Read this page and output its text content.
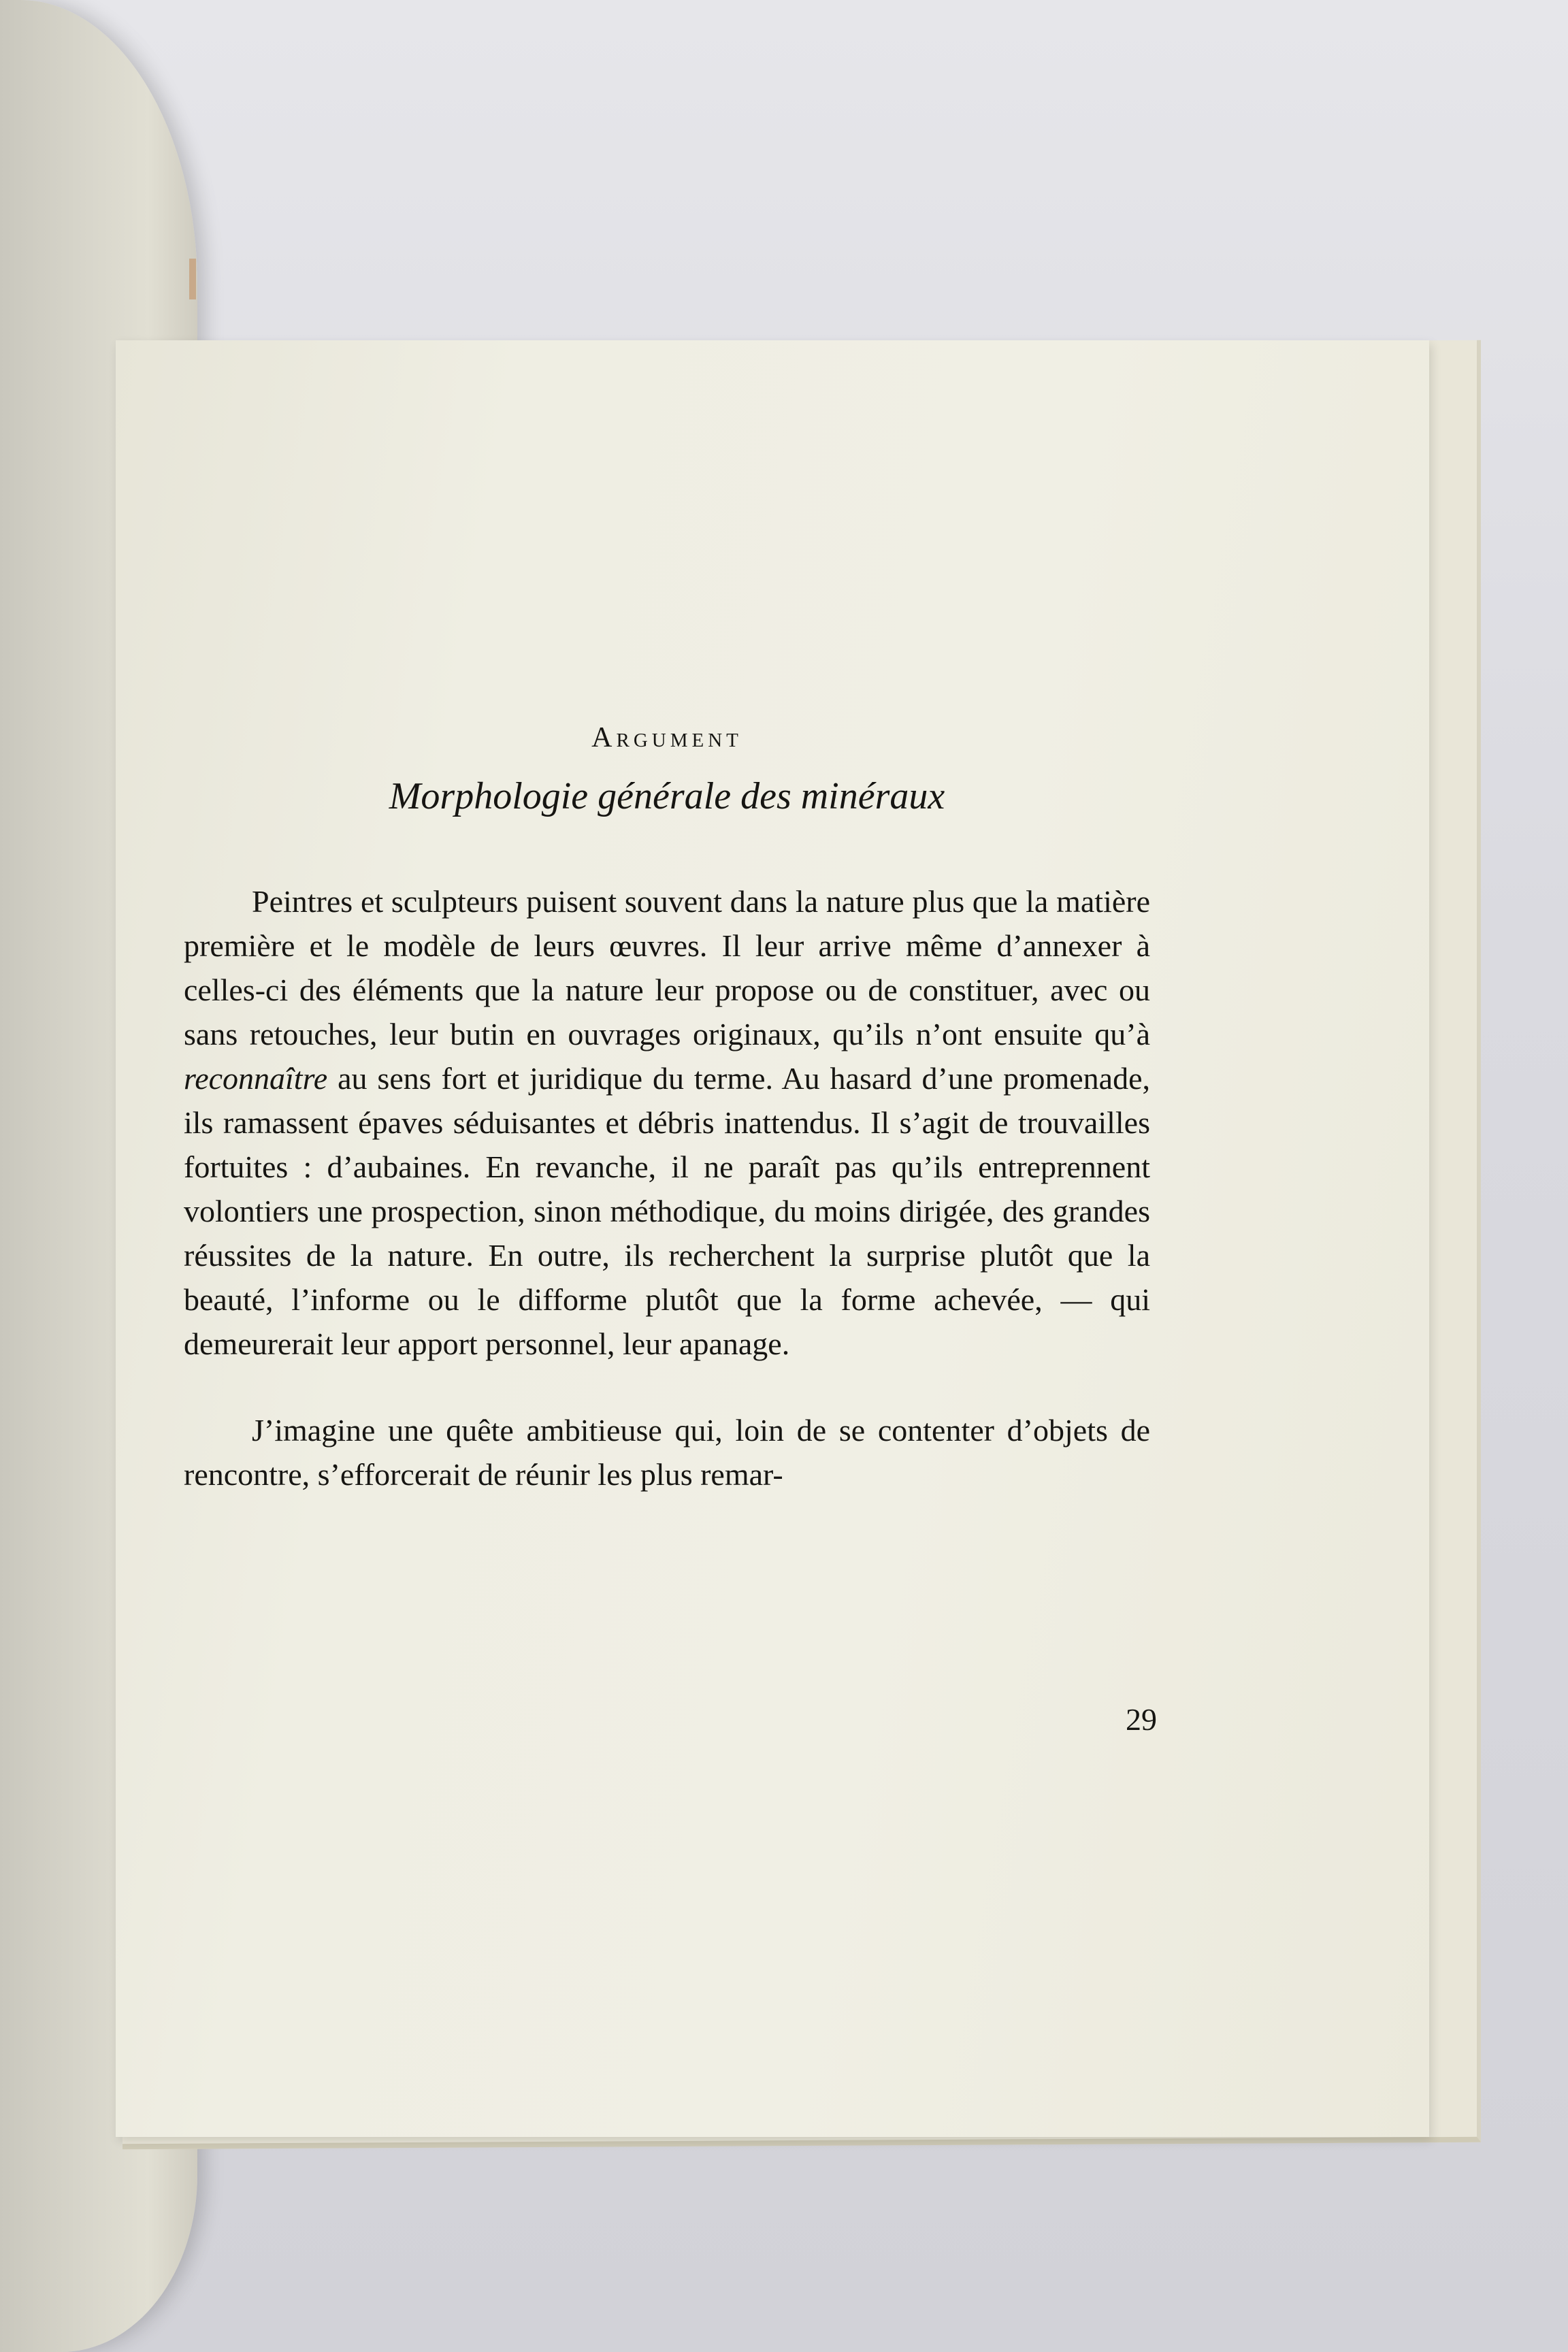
Argument
Morphologie générale des minéraux

Peintres et sculpteurs puisent souvent dans la nature plus que la matière première et le modèle de leurs œuvres. Il leur arrive même d’annexer à celles-ci des éléments que la nature leur propose ou de constituer, avec ou sans retouches, leur butin en ouvrages originaux, qu’ils n’ont ensuite qu’à reconnaître au sens fort et juridique du terme. Au hasard d’une promenade, ils ramassent épaves séduisantes et débris inattendus. Il s’agit de trouvailles fortuites : d’aubaines. En revanche, il ne paraît pas qu’ils entreprennent volontiers une prospection, sinon méthodique, du moins dirigée, des grandes réussites de la nature. En outre, ils recherchent la surprise plutôt que la beauté, l’informe ou le difforme plutôt que la forme achevée, — qui demeurerait leur apport personnel, leur apanage.

J’imagine une quête ambitieuse qui, loin de se contenter d’objets de rencontre, s’efforcerait de réunir les plus remar-

29
